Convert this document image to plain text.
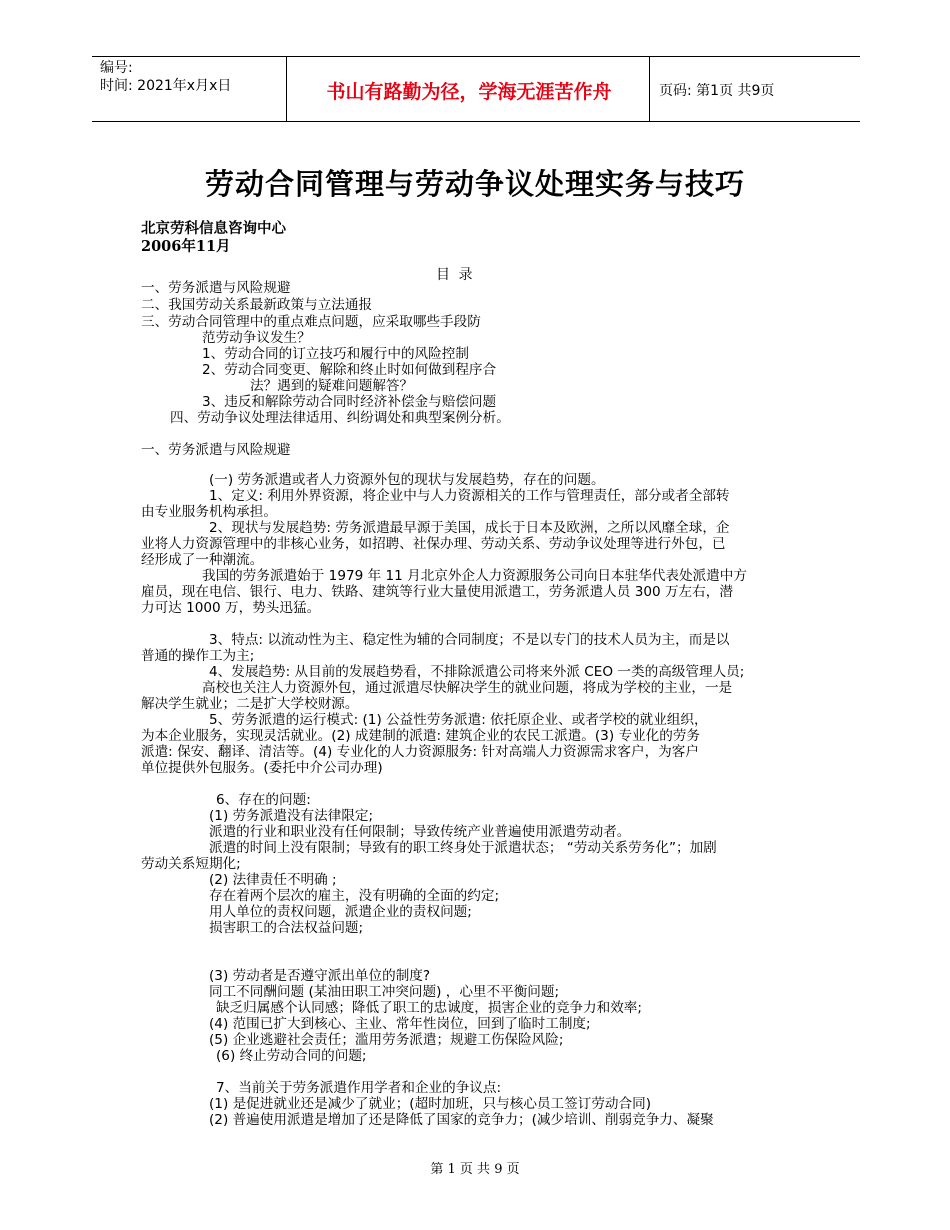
编号:
时间: 2021年x月x日	书山有路勤为径，学海无涯苦作舟	页码: 第1页 共9页
劳动合同管理与劳动争议处理实务与技巧
北京劳科信息咨询中心
2006年11月
目 录
一、劳务派遣与风险规避
二、我国劳动关系最新政策与立法通报
三、劳动合同管理中的重点难点问题，应采取哪些手段防
范劳动争议发生？
1、劳动合同的订立技巧和履行中的风险控制
2、劳动合同变更、解除和终止时如何做到程序合
法？遇到的疑难问题解答？
3、违反和解除劳动合同时经济补偿金与赔偿问题
四、劳动争议处理法律适用、纠纷调处和典型案例分析。
一、劳务派遣与风险规避
(一) 劳务派遣或者人力资源外包的现状与发展趋势，存在的问题。
1、定义: 利用外界资源，将企业中与人力资源相关的工作与管理责任，部分或者全部转
由专业服务机构承担。
2、现状与发展趋势: 劳务派遣最早源于美国，成长于日本及欧洲，之所以风靡全球，企
业将人力资源管理中的非核心业务，如招聘、社保办理、劳动关系、劳动争议处理等进行外包，已
经形成了一种潮流。
我国的劳务派遣始于 1979 年 11 月北京外企人力资源服务公司向日本驻华代表处派遣中方
雇员，现在电信、银行、电力、铁路、建筑等行业大量使用派遣工，劳务派遣人员 300 万左右，潜
力可达 1000 万，势头迅猛。
3、特点: 以流动性为主、稳定性为辅的合同制度；不是以专门的技术人员为主，而是以
普通的操作工为主;
4、发展趋势: 从目前的发展趋势看，不排除派遣公司将来外派 CEO 一类的高级管理人员;
高校也关注人力资源外包，通过派遣尽快解决学生的就业问题，将成为学校的主业，一是
解决学生就业；二是扩大学校财源。
5、劳务派遣的运行模式: (1) 公益性劳务派遣: 依托原企业、或者学校的就业组织，
为本企业服务，实现灵活就业。(2) 成建制的派遣: 建筑企业的农民工派遣。(3) 专业化的劳务
派遣: 保安、翻译、清洁等。(4) 专业化的人力资源服务: 针对高端人力资源需求客户，为客户
单位提供外包服务。(委托中介公司办理)
6、存在的问题:
(1) 劳务派遣没有法律限定;
派遣的行业和职业没有任何限制；导致传统产业普遍使用派遣劳动者。
派遣的时间上没有限制；导致有的职工终身处于派遣状态； “劳动关系劳务化”；加剧
劳动关系短期化;
(2) 法律责任不明确 ;
存在着两个层次的雇主，没有明确的全面的约定;
用人单位的责权问题，派遣企业的责权问题;
损害职工的合法权益问题;
(3) 劳动者是否遵守派出单位的制度?
同工不同酬问题 (某油田职工冲突问题) ，心里不平衡问题;
缺乏归属感个认同感；降低了职工的忠诚度，损害企业的竞争力和效率;
(4) 范围已扩大到核心、主业、常年性岗位，回到了临时工制度;
(5) 企业逃避社会责任；滥用劳务派遣；规避工伤保险风险;
(6) 终止劳动合同的问题;
7、当前关于劳务派遣作用学者和企业的争议点:
(1) 是促进就业还是减少了就业；(超时加班，只与核心员工签订劳动合同)
(2) 普遍使用派遣是增加了还是降低了国家的竞争力；(减少培训、削弱竞争力、凝聚
第 1 页 共 9 页
